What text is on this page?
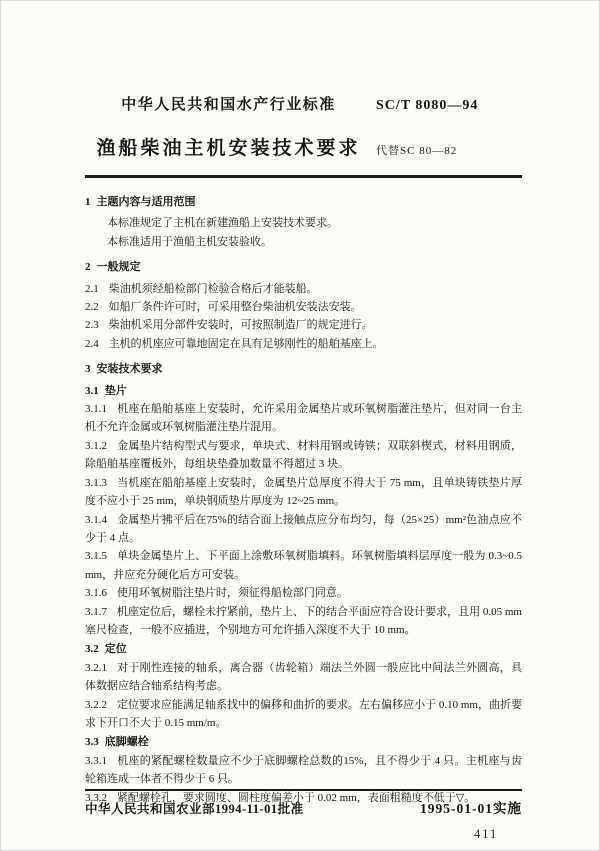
中华人民共和国水产行业标准	SC/T 8080—94
渔船柴油主机安装技术要求	代替SC 80—82

1 主题内容与适用范围

本标准规定了主机在新建渔船上安装技术要求。

本标准适用于渔船主机安装验收。

2 一般规定

2.1 柴油机须经船检部门检验合格后才能装船。

2.2 如船厂条件许可时，可采用整台柴油机安装法安装。

2.3 柴油机采用分部件安装时，可按照制造厂的规定进行。

2.4 主机的机座应可靠地固定在具有足够刚性的船舶基座上。

3 安装技术要求

3.1 垫片

3.1.1 机座在船舶基座上安装时，允许采用金属垫片或环氧树脂灌注垫片，但对同一台主机不允许金属或环氧树脂灌注垫片混用。

3.1.2 金属垫片结构型式与要求，单块式、材料用钢或铸铁；双联斜楔式，材料用钢质，除船舶基座覆板外，每组块垫叠加数量不得超过 3 块。

3.1.3 当机座在船舶基座上安装时，金属垫片总厚度不得大于 75 mm，且单块铸铁垫片厚度不应小于 25 mm，单块钢质垫片厚度为 12~25 mm。

3.1.4 金属垫片拂平后在75%的结合面上接触点应分布均匀，每（25×25）mm²色油点应不少于 4 点。

3.1.5 单块金属垫片上、下平面上涂敷环氧树脂填料。环氧树脂填料层厚度一般为 0.3~0.5 mm，并应充分硬化后方可安装。

3.1.6 使用环氧树脂注垫片时，须征得船检部门同意。

3.1.7 机座定位后，螺栓未拧紧前，垫片上、下的结合平面应符合设计要求，且用 0.05 mm 塞尺检查，一般不应插进，个别地方可允许插入深度不大于 10 mm。

3.2 定位

3.2.1 对于刚性连接的轴系，离合器（齿轮箱）端法兰外圆一般应比中间法兰外圆高，具体数据应结合轴系结构考虑。

3.2.2 定位要求应能满足轴系找中的偏移和曲折的要求。左右偏移应小于 0.10 mm，曲折要求下开口不大于 0.15 mm/m。

3.3 底脚螺栓

3.3.1 机座的紧配螺栓数量应不少于底脚螺栓总数的15%，且不得少于 4 只。主机座与齿轮箱连成一体者不得少于 6 只。

3.3.2 紧配螺栓孔，要求圆度、圆柱度偏差小于 0.02 mm，表面粗糙度不低于▽。

中华人民共和国农业部1994-11-01批准	1995-01-01实施
411
